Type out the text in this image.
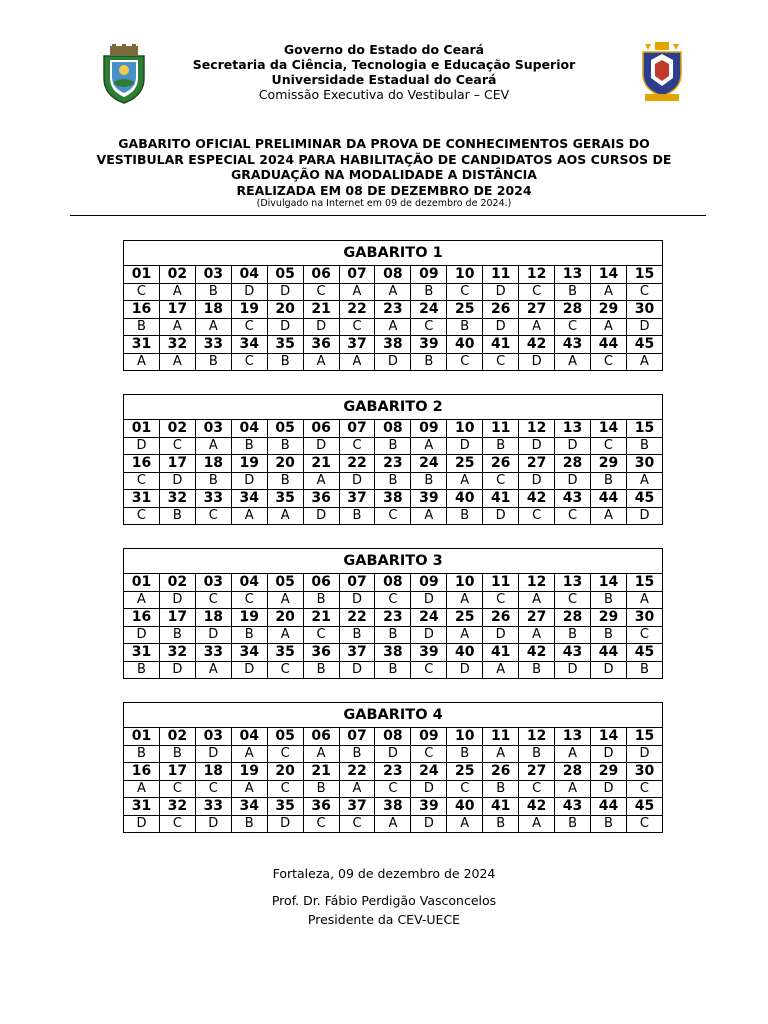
Governo do Estado do Ceará
Secretaria da Ciência, Tecnologia e Educação Superior
Universidade Estadual do Ceará
Comissão Executiva do Vestibular – CEV
GABARITO OFICIAL PRELIMINAR DA PROVA DE CONHECIMENTOS GERAIS DO
VESTIBULAR ESPECIAL 2024 PARA HABILITAÇÃO DE CANDIDATOS AOS CURSOS DE
GRADUAÇÃO NA MODALIDADE A DISTÂNCIA
REALIZADA EM 08 DE DEZEMBRO DE 2024
(Divulgado na Internet em 09 de dezembro de 2024.)
GABARITO 1														
01	02	03	04	05	06	07	08	09	10	11	12	13	14	15
C	A	B	D	D	C	A	A	B	C	D	C	B	A	C
16	17	18	19	20	21	22	23	24	25	26	27	28	29	30
B	A	A	C	D	D	C	A	C	B	D	A	C	A	D
31	32	33	34	35	36	37	38	39	40	41	42	43	44	45
A	A	B	C	B	A	A	D	B	C	C	D	A	C	A
GABARITO 2														
01	02	03	04	05	06	07	08	09	10	11	12	13	14	15
D	C	A	B	B	D	C	B	A	D	B	D	D	C	B
16	17	18	19	20	21	22	23	24	25	26	27	28	29	30
C	D	B	D	B	A	D	B	B	A	C	D	D	B	A
31	32	33	34	35	36	37	38	39	40	41	42	43	44	45
C	B	C	A	A	D	B	C	A	B	D	C	C	A	D
GABARITO 3														
01	02	03	04	05	06	07	08	09	10	11	12	13	14	15
A	D	C	C	A	B	D	C	D	A	C	A	C	B	A
16	17	18	19	20	21	22	23	24	25	26	27	28	29	30
D	B	D	B	A	C	B	B	D	A	D	A	B	B	C
31	32	33	34	35	36	37	38	39	40	41	42	43	44	45
B	D	A	D	C	B	D	B	C	D	A	B	D	D	B
GABARITO 4														
01	02	03	04	05	06	07	08	09	10	11	12	13	14	15
B	B	D	A	C	A	B	D	C	B	A	B	A	D	D
16	17	18	19	20	21	22	23	24	25	26	27	28	29	30
A	C	C	A	C	B	A	C	D	C	B	C	A	D	C
31	32	33	34	35	36	37	38	39	40	41	42	43	44	45
D	C	D	B	D	C	C	A	D	A	B	A	B	B	C
Fortaleza, 09 de dezembro de 2024
Prof. Dr. Fábio Perdigão Vasconcelos
Presidente da CEV-UECE
